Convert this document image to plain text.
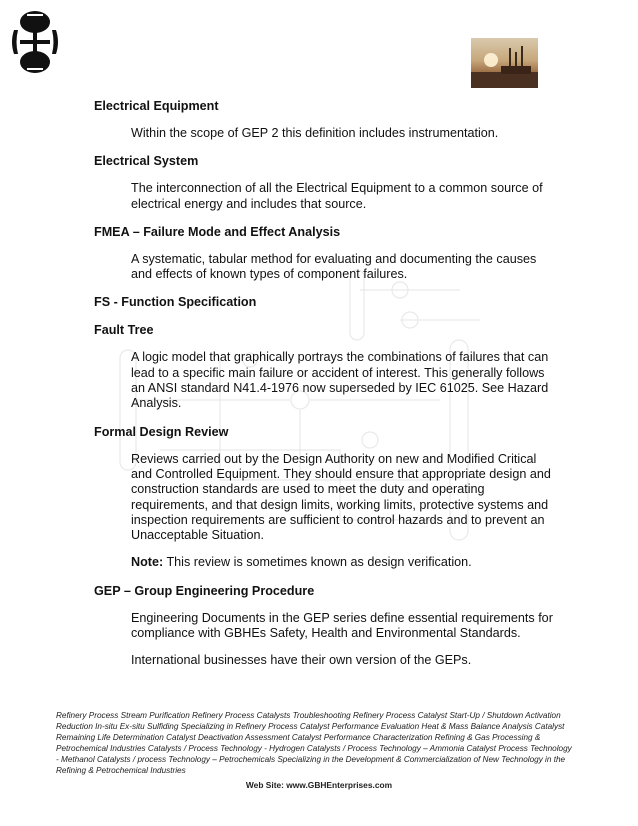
Electrical Equipment
Within the scope of GEP 2 this definition includes instrumentation.
Electrical System
The interconnection of all the Electrical Equipment to a common source of electrical energy and includes that source.
FMEA – Failure Mode and Effect Analysis
A systematic, tabular method for evaluating and documenting the causes and effects of known types of component failures.
FS - Function Specification
Fault Tree
A logic model that graphically portrays the combinations of failures that can lead to a specific main failure or accident of interest. This generally follows an ANSI standard N41.4-1976 now superseded by IEC 61025. See Hazard Analysis.
Formal Design Review
Reviews carried out by the Design Authority on new and Modified Critical and Controlled Equipment. They should ensure that appropriate design and construction standards are used to meet the duty and operating requirements, and that design limits, working limits, protective systems and inspection requirements are sufficient to control hazards and to prevent an Unacceptable Situation.
Note: This review is sometimes known as design verification.
GEP – Group Engineering Procedure
Engineering Documents in the GEP series define essential requirements for compliance with GBHEs Safety, Health and Environmental Standards.
International businesses have their own version of the GEPs.
Refinery Process Stream Purification Refinery Process Catalysts Troubleshooting Refinery Process Catalyst Start-Up / Shutdown Activation Reduction In-situ Ex-situ Sulfiding Specializing in Refinery Process Catalyst Performance Evaluation Heat & Mass Balance Analysis Catalyst Remaining Life Determination Catalyst Deactivation Assessment Catalyst Performance Characterization Refining & Gas Processing & Petrochemical Industries Catalysts / Process Technology - Hydrogen Catalysts / Process Technology – Ammonia Catalyst Process Technology - Methanol Catalysts / process Technology – Petrochemicals Specializing in the Development & Commercialization of New Technology in the Refining & Petrochemical Industries
Web Site: www.GBHEnterprises.com
